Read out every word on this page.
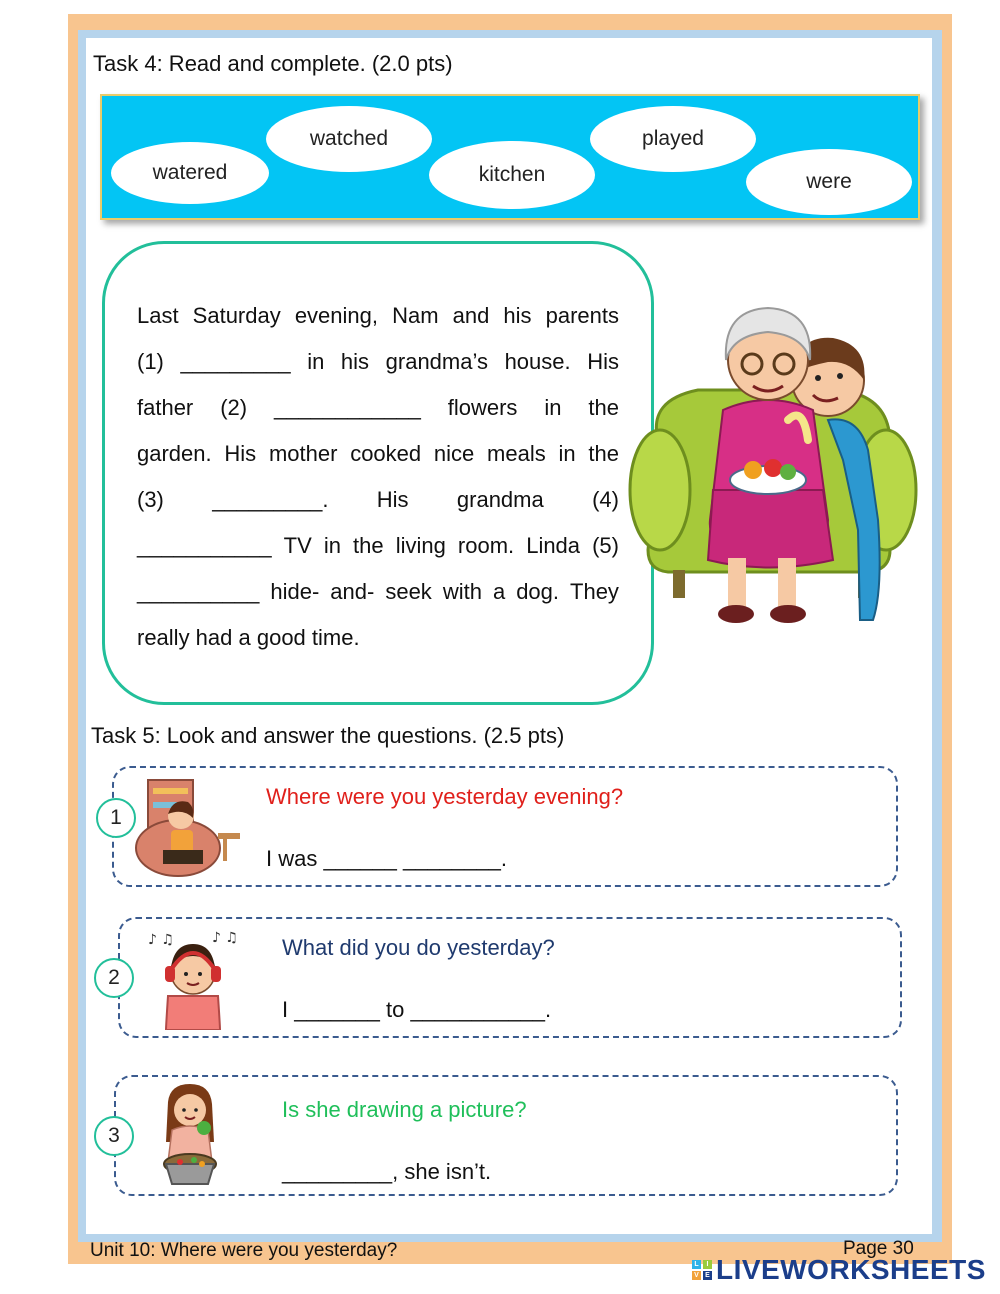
Task 4: Read and complete. (2.0 pts)
watered
watched
kitchen
played
were
Last Saturday evening, Nam and his parents
(1) _________ in his grandma’s house. His
father (2) ____________ flowers in the
garden. His mother cooked nice meals in the
(3) _________. His grandma (4)
___________ TV in the living room. Linda (5)
__________ hide- and- seek with a dog. They
really had a good time.
Task 5: Look and answer the questions. (2.5 pts)
1
Where were you yesterday evening?
I was ______ ________.
2
♪ ♫	♪ ♫ What did you do yesterday?
I _______ to ___________.
3
Is she drawing a picture?
_________, she isn’t.
Unit 10: Where were you yesterday?	Page 30
L	I
V E LIVEWORKSHEETS
